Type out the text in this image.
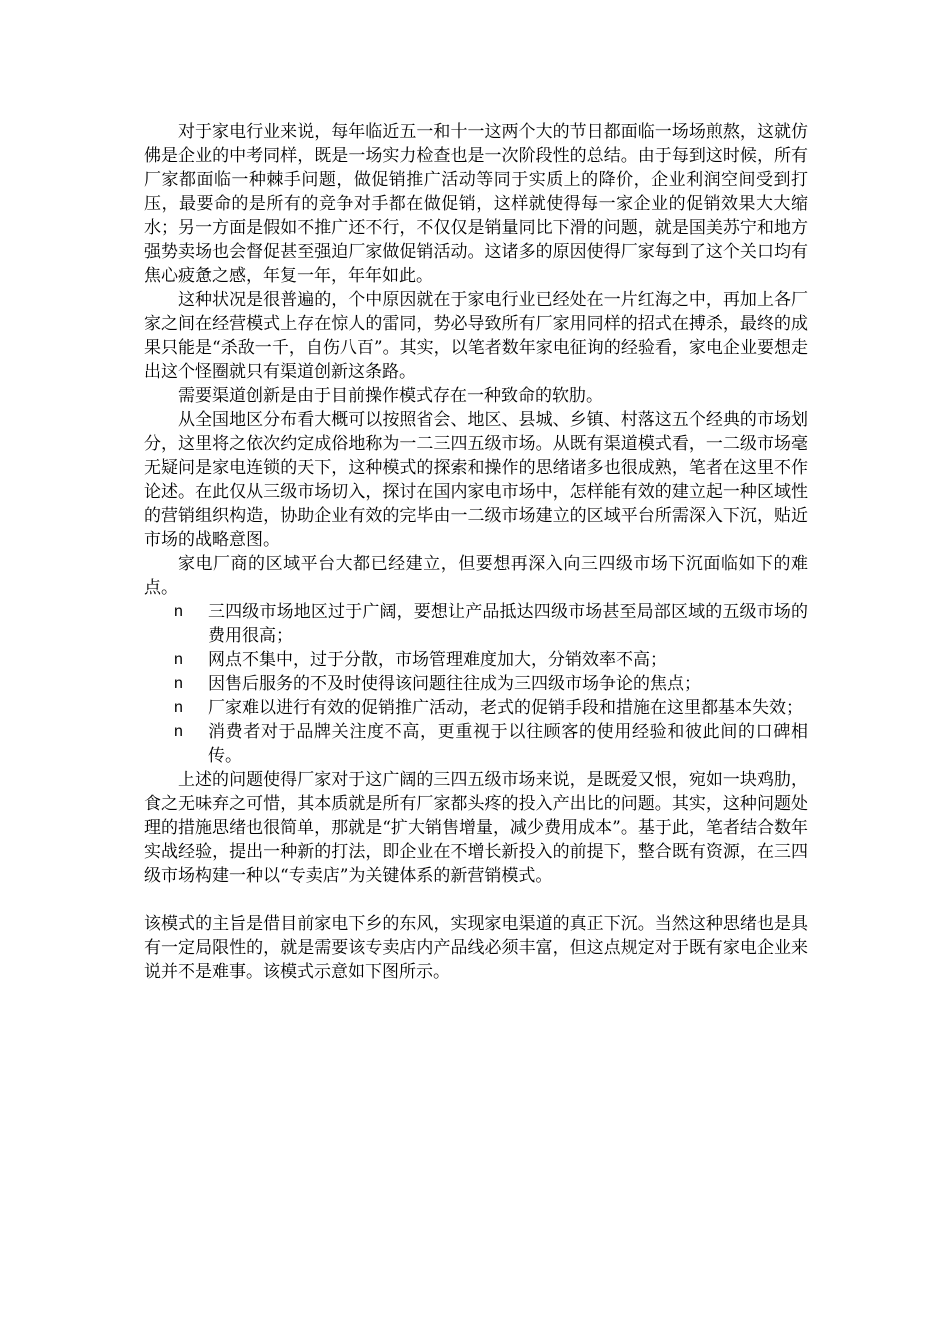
对于家电行业来说，每年临近五一和十一这两个大的节日都面临一场场煎熬，这就仿佛是企业的中考同样，既是一场实力检查也是一次阶段性的总结。由于每到这时候，所有厂家都面临一种棘手问题，做促销推广活动等同于实质上的降价，企业利润空间受到打压，最要命的是所有的竞争对手都在做促销，这样就使得每一家企业的促销效果大大缩水；另一方面是假如不推广还不行，不仅仅是销量同比下滑的问题，就是国美苏宁和地方强势卖场也会督促甚至强迫厂家做促销活动。这诸多的原因使得厂家每到了这个关口均有焦心疲惫之感，年复一年，年年如此。

这种状况是很普遍的，个中原因就在于家电行业已经处在一片红海之中，再加上各厂家之间在经营模式上存在惊人的雷同，势必导致所有厂家用同样的招式在搏杀，最终的成果只能是“杀敌一千，自伤八百”。其实，以笔者数年家电征询的经验看，家电企业要想走出这个怪圈就只有渠道创新这条路。

需要渠道创新是由于目前操作模式存在一种致命的软肋。

从全国地区分布看大概可以按照省会、地区、县城、乡镇、村落这五个经典的市场划分，这里将之依次约定成俗地称为一二三四五级市场。从既有渠道模式看，一二级市场毫无疑问是家电连锁的天下，这种模式的探索和操作的思绪诸多也很成熟，笔者在这里不作论述。在此仅从三级市场切入，探讨在国内家电市场中，怎样能有效的建立起一种区域性的营销组织构造，协助企业有效的完毕由一二级市场建立的区域平台所需深入下沉，贴近市场的战略意图。

家电厂商的区域平台大都已经建立，但要想再深入向三四级市场下沉面临如下的难点。

n 三四级市场地区过于广阔，要想让产品抵达四级市场甚至局部区域的五级市场的费用很高；
n 网点不集中，过于分散，市场管理难度加大，分销效率不高；
n 因售后服务的不及时使得该问题往往成为三四级市场争论的焦点；
n 厂家难以进行有效的促销推广活动，老式的促销手段和措施在这里都基本失效；
n 消费者对于品牌关注度不高，更重视于以往顾客的使用经验和彼此间的口碑相传。

上述的问题使得厂家对于这广阔的三四五级市场来说，是既爱又恨，宛如一块鸡肋，食之无味弃之可惜，其本质就是所有厂家都头疼的投入产出比的问题。其实，这种问题处理的措施思绪也很简单，那就是“扩大销售增量，减少费用成本”。基于此，笔者结合数年实战经验，提出一种新的打法，即企业在不增长新投入的前提下，整合既有资源，在三四级市场构建一种以“专卖店”为关键体系的新营销模式。

该模式的主旨是借目前家电下乡的东风，实现家电渠道的真正下沉。当然这种思绪也是具有一定局限性的，就是需要该专卖店内产品线必须丰富，但这点规定对于既有家电企业来说并不是难事。该模式示意如下图所示。
